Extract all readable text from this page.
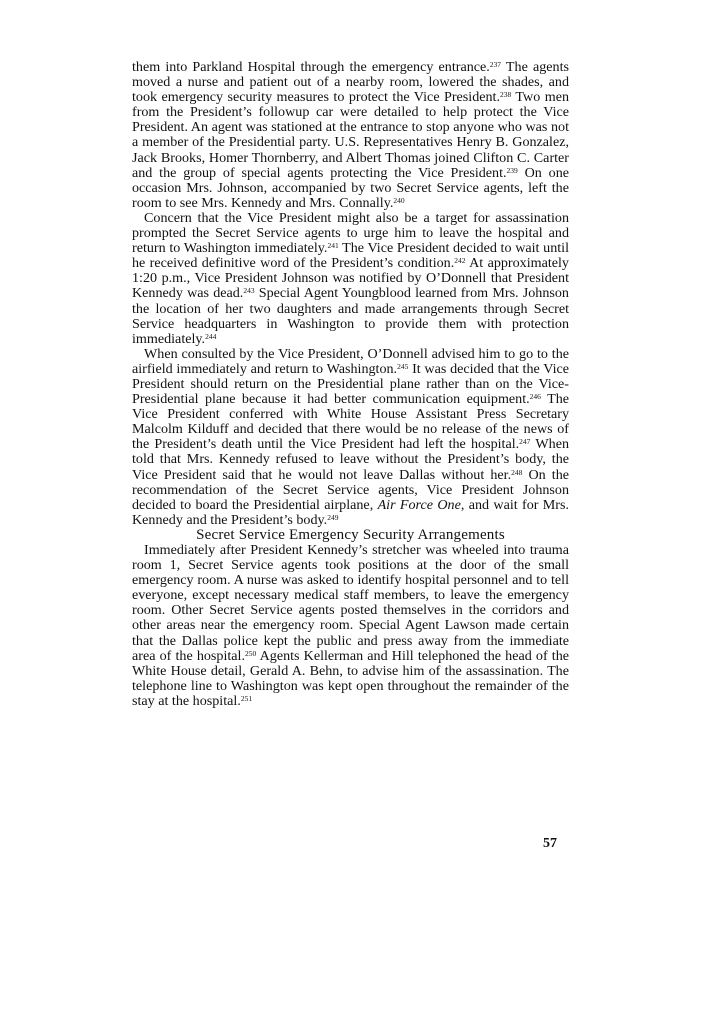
them into Parkland Hospital through the emergency entrance.$^{237}$ The agents moved a nurse and patient out of a nearby room, lowered the shades, and took emergency security measures to protect the Vice President.$^{238}$ Two men from the President’s followup car were detailed to help protect the Vice President. An agent was stationed at the entrance to stop anyone who was not a member of the Presidential party. U.S. Representatives Henry B. Gonzalez, Jack Brooks, Homer Thornberry, and Albert Thomas joined Clifton C. Carter and the group of special agents protecting the Vice President.$^{239}$ On one occasion Mrs. Johnson, accompanied by two Secret Service agents, left the room to see Mrs. Kennedy and Mrs. Connally.$^{240}$

Concern that the Vice President might also be a target for assassination prompted the Secret Service agents to urge him to leave the hospital and return to Washington immediately.$^{241}$ The Vice President decided to wait until he received definitive word of the President’s condition.$^{242}$ At approximately 1:20 p.m., Vice President Johnson was notified by O’Donnell that President Kennedy was dead.$^{243}$ Special Agent Youngblood learned from Mrs. Johnson the location of her two daughters and made arrangements through Secret Service headquarters in Washington to provide them with protection immediately.$^{244}$

When consulted by the Vice President, O’Donnell advised him to go to the airfield immediately and return to Washington.$^{245}$ It was decided that the Vice President should return on the Presidential plane rather than on the Vice-Presidential plane because it had better communication equipment.$^{246}$ The Vice President conferred with White House Assistant Press Secretary Malcolm Kilduff and decided that there would be no release of the news of the President’s death until the Vice President had left the hospital.$^{247}$ When told that Mrs. Kennedy refused to leave without the President’s body, the Vice President said that he would not leave Dallas without her.$^{248}$ On the recommendation of the Secret Service agents, Vice President Johnson decided to board the Presidential airplane, Air Force One, and wait for Mrs. Kennedy and the President’s body.$^{249}$

Secret Service Emergency Security Arrangements

Immediately after President Kennedy’s stretcher was wheeled into trauma room 1, Secret Service agents took positions at the door of the small emergency room. A nurse was asked to identify hospital personnel and to tell everyone, except necessary medical staff members, to leave the emergency room. Other Secret Service agents posted themselves in the corridors and other areas near the emergency room. Special Agent Lawson made certain that the Dallas police kept the public and press away from the immediate area of the hospital.$^{250}$ Agents Kellerman and Hill telephoned the head of the White House detail, Gerald A. Behn, to advise him of the assassination. The telephone line to Washington was kept open throughout the remainder of the stay at the hospital.$^{251}$

57
